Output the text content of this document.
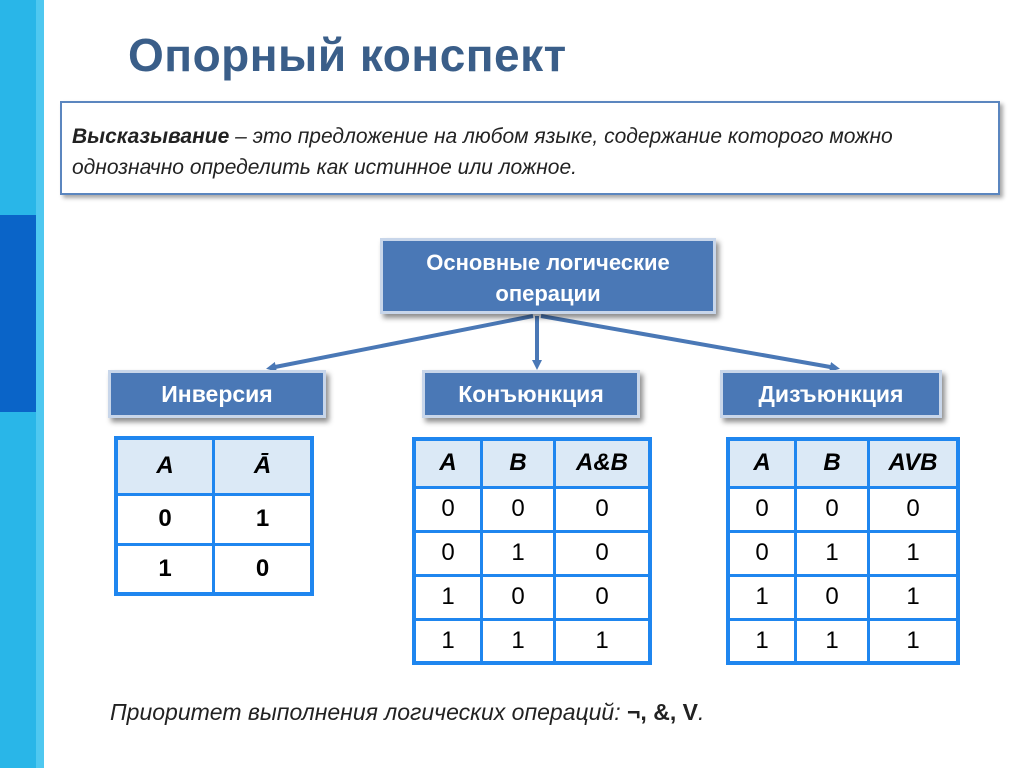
Опорный конспект
Высказывание – это предложение на любом языке, содержание которого можно однозначно определить как истинное или ложное.
Основные логические
операции
Инверсия	Конъюнкция	Дизъюнкция
A	Ā
0	1
1	0
A	B	A&B
0	0	0
0	1	0
1	0	0
1	1	1
A	B	AVB
0	0	0
0	1	1
1	0	1
1	1	1
Приоритет выполнения логических операций: ¬, &, V.
